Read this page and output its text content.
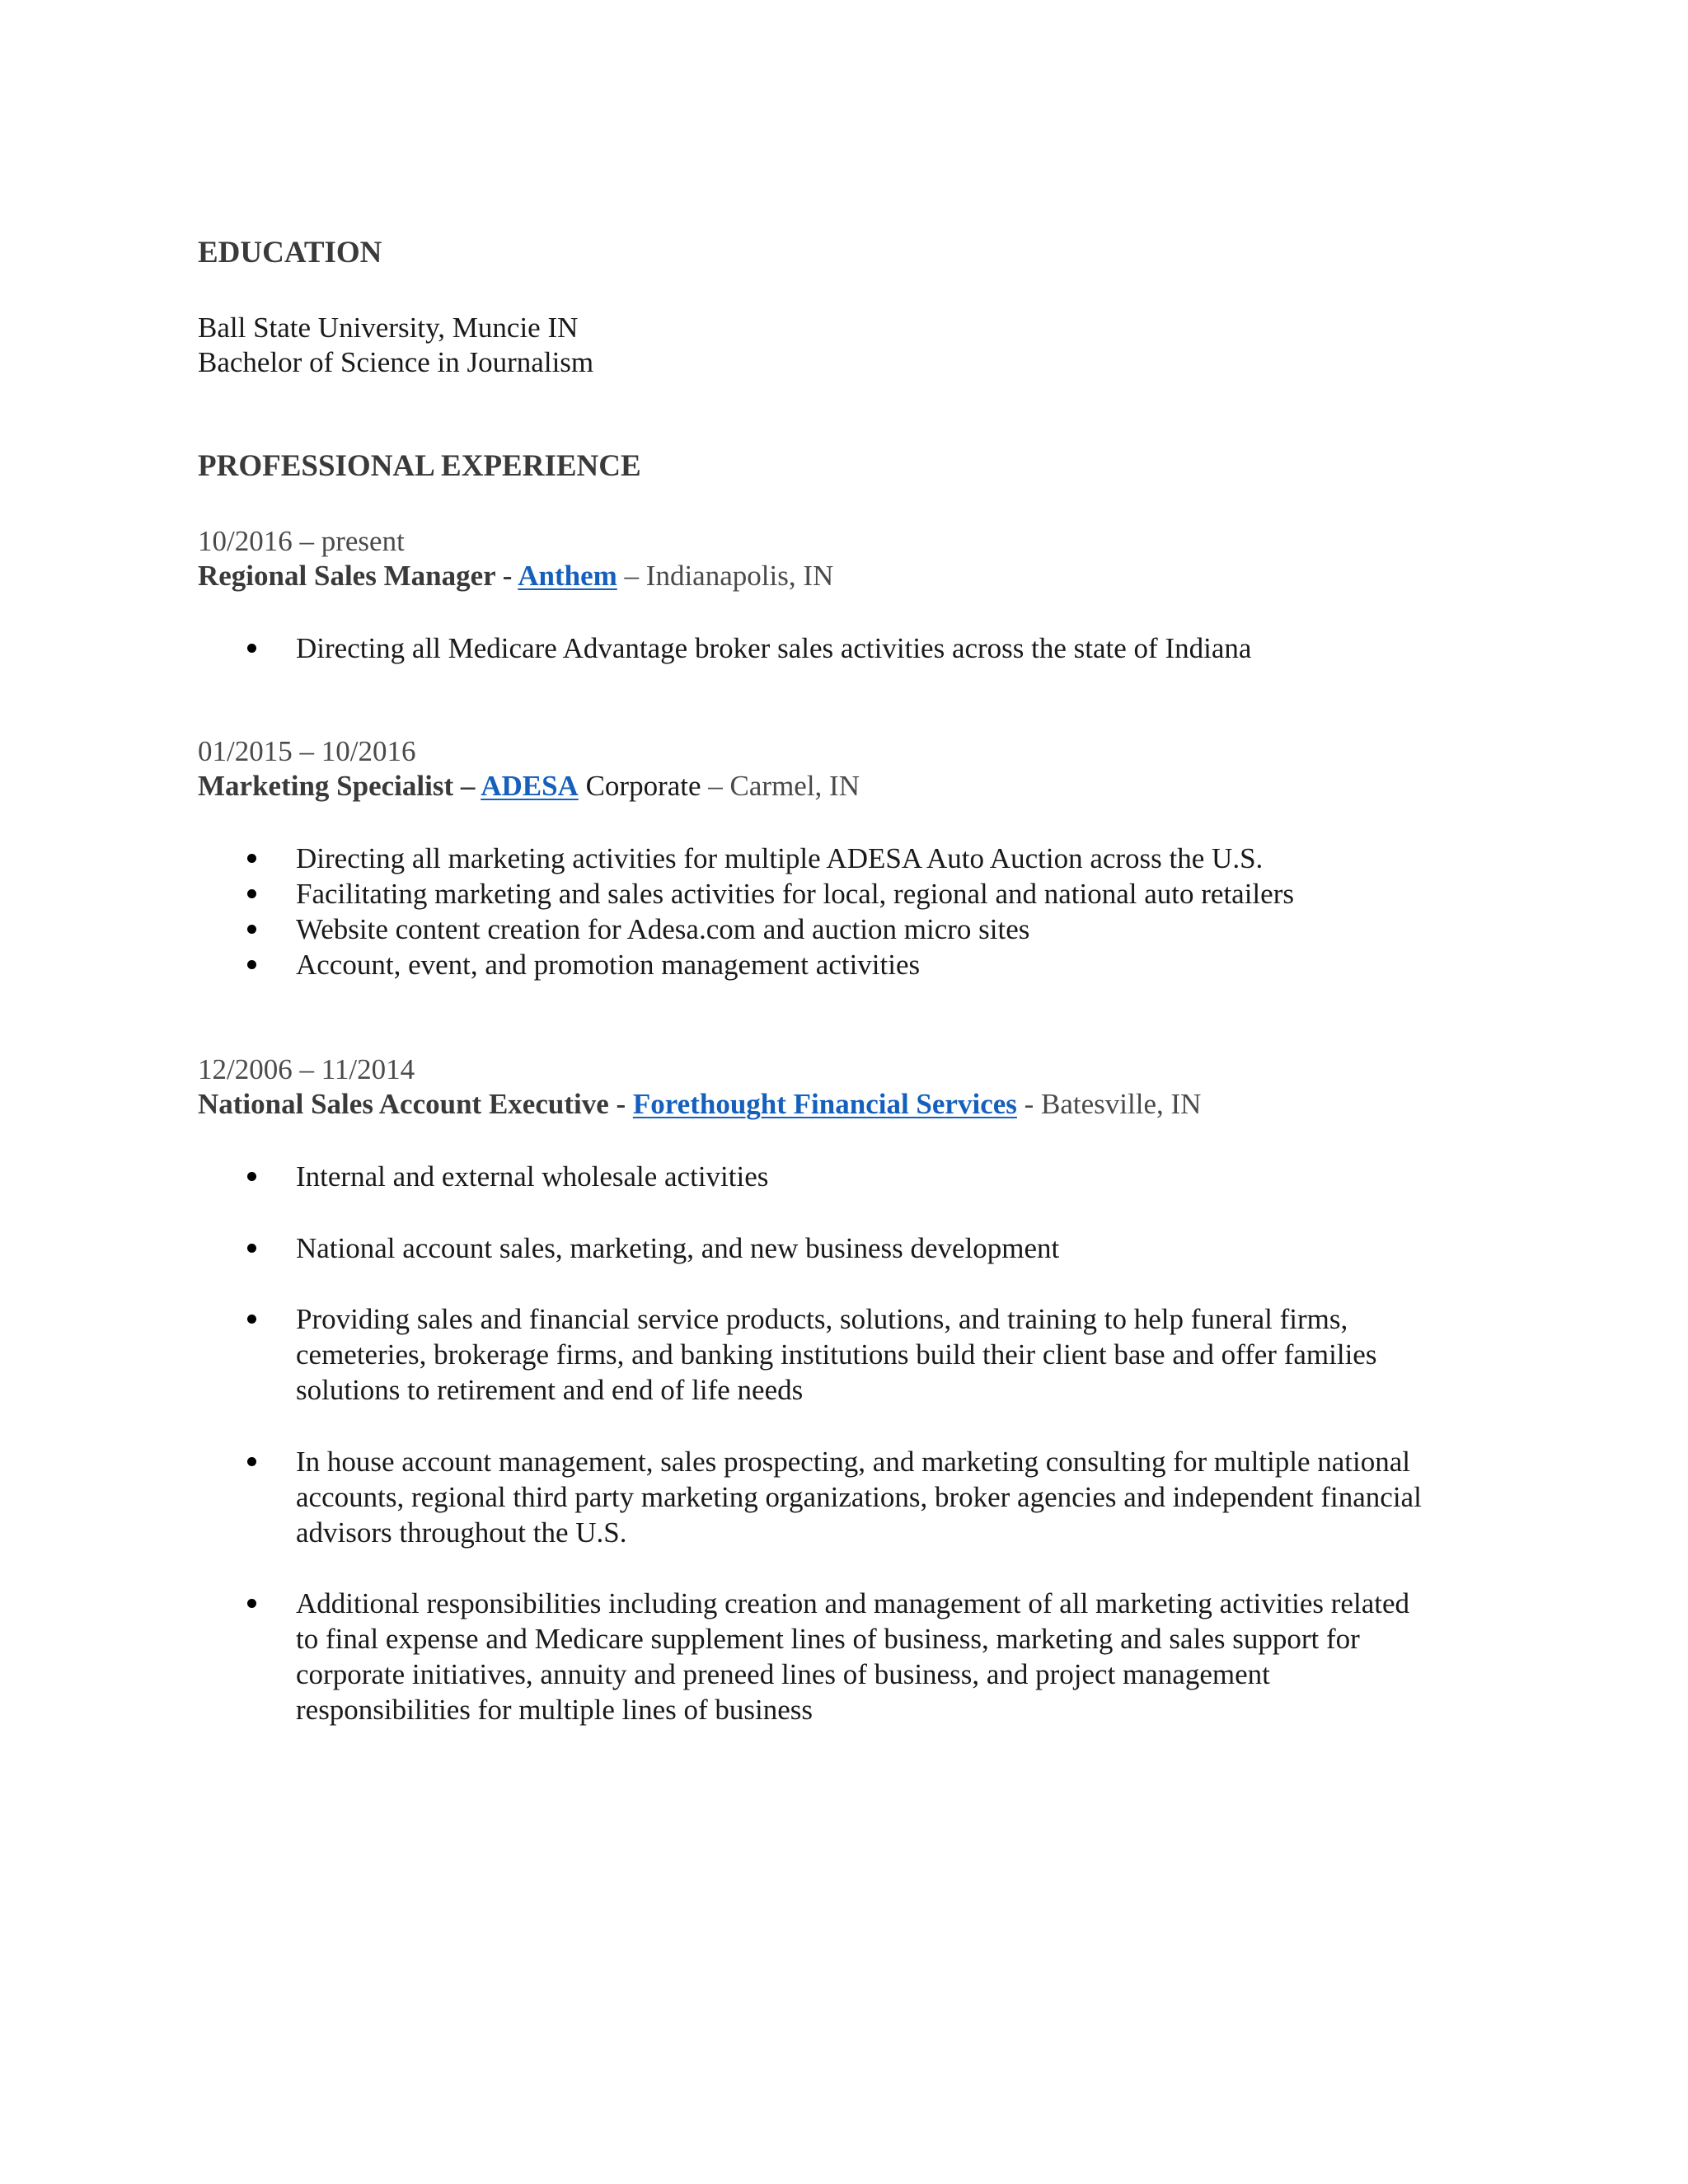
EDUCATION
Ball State University, Muncie IN
Bachelor of Science in Journalism
PROFESSIONAL EXPERIENCE
10/2016 – present
Regional Sales Manager - Anthem – Indianapolis, IN
Directing all Medicare Advantage broker sales activities across the state of Indiana
01/2015 – 10/2016
Marketing Specialist – ADESA Corporate – Carmel, IN
Directing all marketing activities for multiple ADESA Auto Auction across the U.S.
Facilitating marketing and sales activities for local, regional and national auto retailers
Website content creation for Adesa.com and auction micro sites
Account, event, and promotion management activities
12/2006 – 11/2014
National Sales Account Executive - Forethought Financial Services - Batesville, IN
Internal and external wholesale activities
National account sales, marketing, and new business development
Providing sales and financial service products, solutions, and training to help funeral firms,
cemeteries, brokerage firms, and banking institutions build their client base and offer families
solutions to retirement and end of life needs
In house account management, sales prospecting, and marketing consulting for multiple national
accounts, regional third party marketing organizations, broker agencies and independent financial
advisors throughout the U.S.
Additional responsibilities including creation and management of all marketing activities related
to final expense and Medicare supplement lines of business, marketing and sales support for
corporate initiatives, annuity and preneed lines of business, and project management
responsibilities for multiple lines of business
